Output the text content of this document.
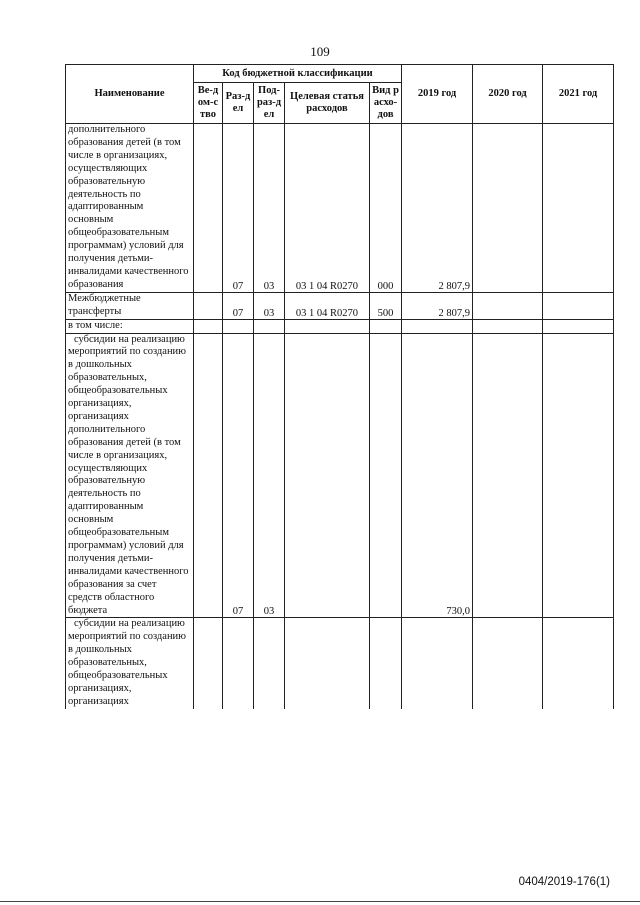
109
Наименование	Код бюджетной классификации					2019 год	2020 год	2021 год
	Ве-дом-ство	Раз-дел	Под-раз-дел	Целевая статья расходов	Вид расхо-дов			
дополнительного образования детей (в том числе в организациях, осуществляющих образовательную деятельность по адаптированным основным общеобразовательным программам) условий для получения детьми-инвалидами качественного образования		07	03	03 1 04 R0270	000	2 807,9		
Межбюджетные трансферты		07	03	03 1 04 R0270	500	2 807,9		
в том числе:								
субсидии на реализацию мероприятий по созданию в дошкольных образовательных, общеобразовательных организациях, организациях дополнительного образования детей (в том числе в организациях, осуществляющих образовательную деятельность по адаптированным основным общеобразовательным программам) условий для получения детьми-инвалидами качественного образования за счет средств областного бюджета		07	03			730,0		
субсидии на реализацию мероприятий по созданию в дошкольных образовательных, общеобразовательных организациях, организациях								
0404/2019-176(1)
